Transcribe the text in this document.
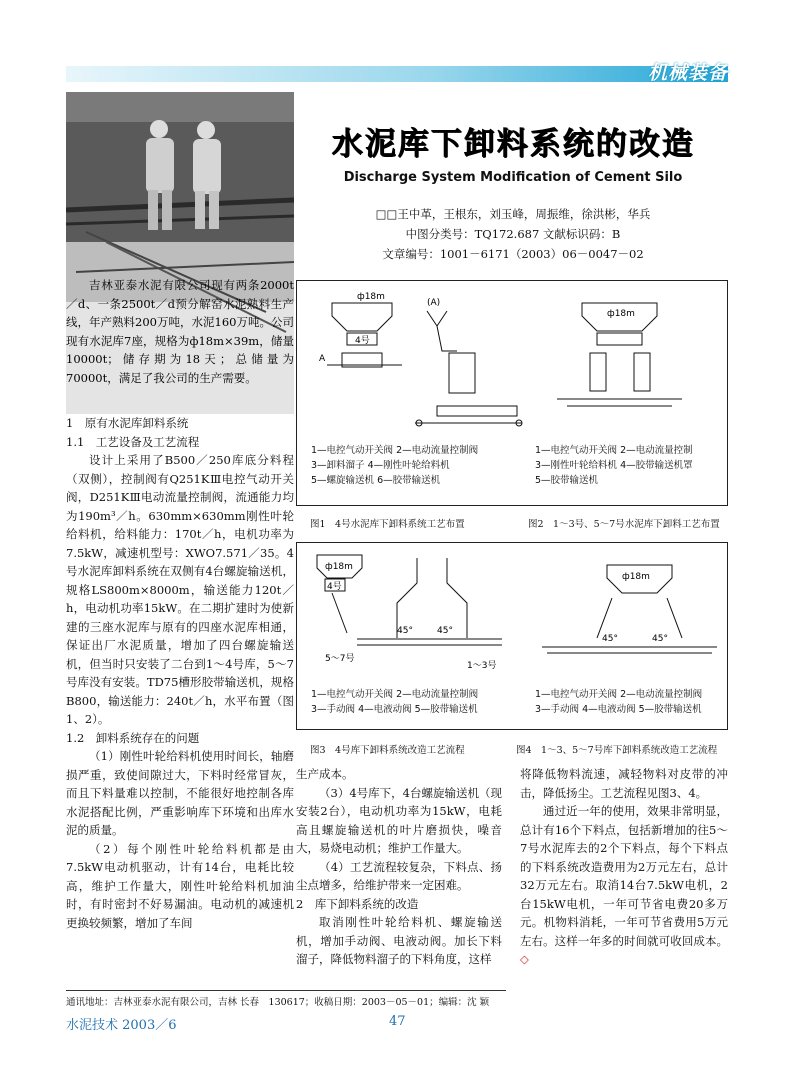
机械装备
水泥库下卸料系统的改造
Discharge System Modification of Cement Silo
□□王中革，王根东，刘玉峰，周振维，徐洪彬，华兵
中图分类号：TQ172.687 文献标识码：B
文章编号：1001－6171（2003）06－0047－02

吉林亚泰水泥有限公司现有两条2000t／d、一条2500t／d预分解窑水泥熟料生产线，年产熟料200万吨，水泥160万吨。公司现有水泥库7座，规格为ф18m×39m，储量10000t；储存期为18天；总储量为70000t，满足了我公司的生产需要。

1　原有水泥库卸料系统

1.1　工艺设备及工艺流程

设计上采用了B500／250库底分料程（双侧），控制阀有Q251KⅢ电控气动开关阀，D251KⅢ电动流量控制阀，流通能力均为190m³／h。630mm×630mm刚性叶轮给料机，给料能力：170t／h，电机功率为7.5kW，减速机型号：XWO7.571／35。4号水泥库卸料系统在双侧有4台螺旋输送机，规格LS800m×8000m，输送能力120t／h，电动机功率15kW。在二期扩建时为使新建的三座水泥库与原有的四座水泥库相通，保证出厂水泥质量，增加了四台螺旋输送机，但当时只安装了二台到1～4号库，5～7号库没有安装。TD75槽形胶带输送机，规格B800，输送能力：240t／h，水平布置（图1、2）。

1.2　卸料系统存在的问题

（1）刚性叶轮给料机使用时间长，轴磨损严重，致使间隙过大，下料时经常冒灰，而且下料量难以控制，不能很好地控制各库水泥搭配比例，严重影响库下环境和出库水泥的质量。

（2）每个刚性叶轮给料机都是由7.5kW电动机驱动，计有14台，电耗比较高，维护工作量大，刚性叶轮给料机加油时，有时密封不好易漏油。电动机的减速机更换较频繁，增加了车间

生产成本。

（3）4号库下，4台螺旋输送机（现安装2台），电动机功率为15kW，电耗高且螺旋输送机的叶片磨损快，噪音大，易烧电动机；维护工作量大。

（4）工艺流程较复杂，下料点、扬尘点增多，给维护带来一定困难。

2　库下卸料系统的改造

取消刚性叶轮给料机、螺旋输送机，增加手动阀、电液动阀。加长下料溜子，降低物料溜子的下料角度，这样

将降低物料流速，减轻物料对皮带的冲击，降低扬尘。工艺流程见图3、4。

通过近一年的使用，效果非常明显，总计有16个下料点，包括新增加的往5～7号水泥库去的2个下料点，每个下料点的下料系统改造费用为2万元左右，总计32万元左右。取消14台7.5kW电机，2台15kW电机，一年可节省电费20多万元。机物料消耗，一年可节省费用5万元左右。这样一年多的时间就可收回成本。◇

ф18m
4号
(A)
A
ф18m
1—电控气动开关阀 2—电动流量控制阀
3—卸料溜子 4—刚性叶轮给料机
5—螺旋输送机 6—胶带输送机
1—电控气动开关阀 2—电动流量控制
3—刚性叶轮给料机 4—胶带输送机罩
5—胶带输送机
图1　4号水泥库下卸料系统工艺布置	图2　1～3号、5～7号水泥库下卸料工艺布置
ф18m
4号
45°	45°
5～7号
1～3号
ф18m
45°	45°
1—电控气动开关阀 2—电动流量控制阀
3—手动阀 4—电液动阀 5—胶带输送机
1—电控气动开关阀 2—电动流量控制阀
3—手动阀 4—电液动阀 5—胶带输送机
图3　4号库下卸料系统改造工艺流程	图4　1～3、5～7号库下卸料系统改造工艺流程
通讯地址：吉林亚泰水泥有限公司，吉林 长春　130617；收稿日期：2003－05－01；编辑：沈 颖
水泥技术 2003／6	47
